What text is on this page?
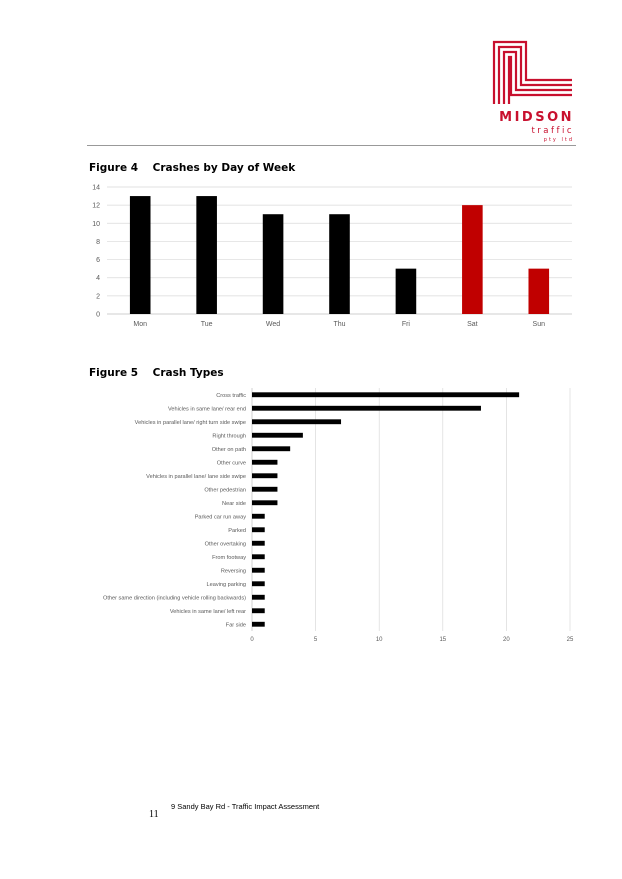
MIDSON
traffic
pty ltd
Figure 4 Crashes by Day of Week
0
2
4
6
8
10
12
14
Mon	Tue	Wed	Thu	Fri	Sat	Sun
Figure 5 Crash Types
0	5	10	15	20	25
Cross traffic
Vehicles in same lane/ rear end
Vehicles in parallel lane/ right turn side swipe
Right through
Other on path
Other curve
Vehicles in parallel lane/ lane side swipe
Other pedestrian
Near side
Parked car run away
Parked
Other overtaking
From footway
Reversing
Leaving parking
Other same direction (including vehicle rolling backwards)
Vehicles in same lane/ left rear
Far side
9 Sandy Bay Rd - Traffic Impact Assessment
11
